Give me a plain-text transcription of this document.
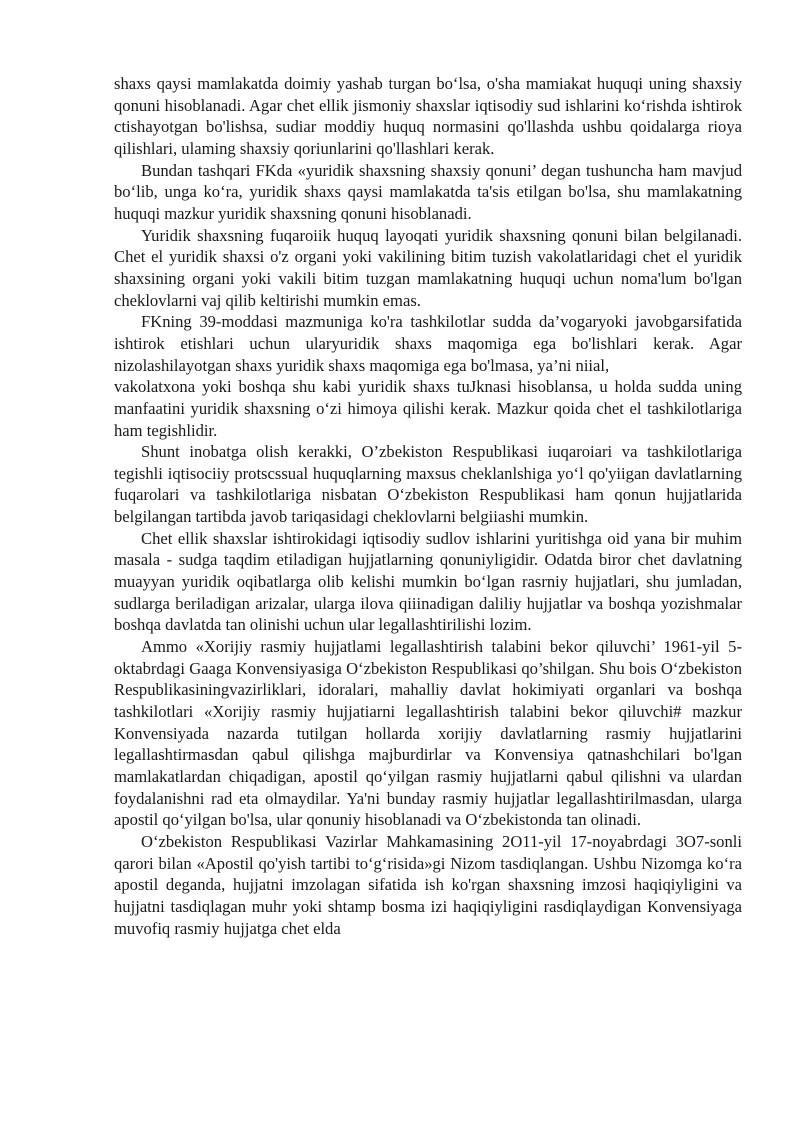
shaxs qaysi mamlakatda doimiy yashab turgan bo‘lsa, o'sha mamiakat huquqi uning shaxsiy qonuni hisoblanadi. Agar chet ellik jismoniy shaxslar iqtisodiy sud ishlarini ko‘rishda ishtirok ctishayotgan bo'lishsa, sudiar moddiy huquq normasini qo'llashda ushbu qoidalarga rioya qilishlari, ulaming shaxsiy qoriunlarini qo'llashlari kerak.

Bundan tashqari FKda «yuridik shaxsning shaxsiy qonuni’ degan tushuncha ham mavjud bo‘lib, unga ko‘ra, yuridik shaxs qaysi mamlakatda ta'sis etilgan bo'lsa, shu mamlakatning huquqi mazkur yuridik shaxsning qonuni hisoblanadi.

Yuridik shaxsning fuqaroiik huquq layoqati yuridik shaxsning qonuni bilan belgilanadi. Chet el yuridik shaxsi o'z organi yoki vakilining bitim tuzish vakolatlaridagi chet el yuridik shaxsining organi yoki vakili bitim tuzgan mamlakatning huquqi uchun noma'lum bo'lgan cheklovlarni vaj qilib keltirishi mumkin emas.

FKning 39-moddasi mazmuniga ko'ra tashkilotlar sudda da’vogaryoki javobgarsifatida ishtirok etishlari uchun ularyuridik shaxs maqomiga ega bo'lishlari kerak. Agar nizolashilayotgan shaxs yuridik shaxs maqomiga ega bo'lmasa, ya’ni niial,

vakolatxona yoki boshqa shu kabi yuridik shaxs tuJknasi hisoblansa, u holda sudda uning manfaatini yuridik shaxsning o‘zi himoya qilishi kerak. Mazkur qoida chet el tashkilotlariga ham tegishlidir.

Shunt inobatga olish kerakki, O’zbekiston Respublikasi iuqaroiari va tashkilotlariga tegishli iqtisociiy protscssual huquqlarning maxsus cheklanlshiga yo‘l qo'yiigan davlatlarning fuqarolari va tashkilotlariga nisbatan O‘zbekiston Respublikasi ham qonun hujjatlarida belgilangan tartibda javob tariqasidagi cheklovlarni belgiiashi mumkin.

Chet ellik shaxslar ishtirokidagi iqtisodiy sudlov ishlarini yuritishga oid yana bir muhim masala - sudga taqdim etiladigan hujjatlarning qonuniyligidir. Odatda biror chet davlatning muayyan yuridik oqibatlarga olib kelishi mumkin bo‘lgan rasrniy hujjatlari, shu jumladan, sudlarga beriladigan arizalar, ularga ilova qiiinadigan daliliy hujjatlar va boshqa yozishmalar boshqa davlatda tan olinishi uchun ular legallashtirilishi lozim.

Ammo «Xorijiy rasmiy hujjatlami legallashtirish talabini bekor qiluvchi’ 1961-yil 5-oktabrdagi Gaaga Konvensiyasiga O‘zbekiston Respublikasi qo’shilgan. Shu bois O‘zbekiston Respublikasiningvazirliklari, idoralari, mahalliy davlat hokimiyati organlari va boshqa tashkilotlari «Xorijiy rasmiy hujjatiarni legallashtirish talabini bekor qiluvchi# mazkur Konvensiyada nazarda tutilgan hollarda xorijiy davlatlarning rasmiy hujjatlarini legallashtirmasdan qabul qilishga majburdirlar va Konvensiya qatnashchilari bo'lgan mamlakatlardan chiqadigan, apostil qo‘yilgan rasmiy hujjatlarni qabul qilishni va ulardan foydalanishni rad eta olmaydilar. Ya'ni bunday rasmiy hujjatlar legallashtirilmasdan, ularga apostil qo‘yilgan bo'lsa, ular qonuniy hisoblanadi va O‘zbekistonda tan olinadi.

O‘zbekiston Respublikasi Vazirlar Mahkamasining 2O11-yil 17-noyabrdagi 3O7-sonli qarori bilan «Apostil qo'yish tartibi to‘g‘risida»gi Nizom tasdiqlangan. Ushbu Nizomga ko‘ra apostil deganda, hujjatni imzolagan sifatida ish ko'rgan shaxsning imzosi haqiqiyligini va hujjatni tasdiqlagan muhr yoki shtamp bosma izi haqiqiyligini rasdiqlaydigan Konvensiyaga muvofiq rasmiy hujjatga chet elda
